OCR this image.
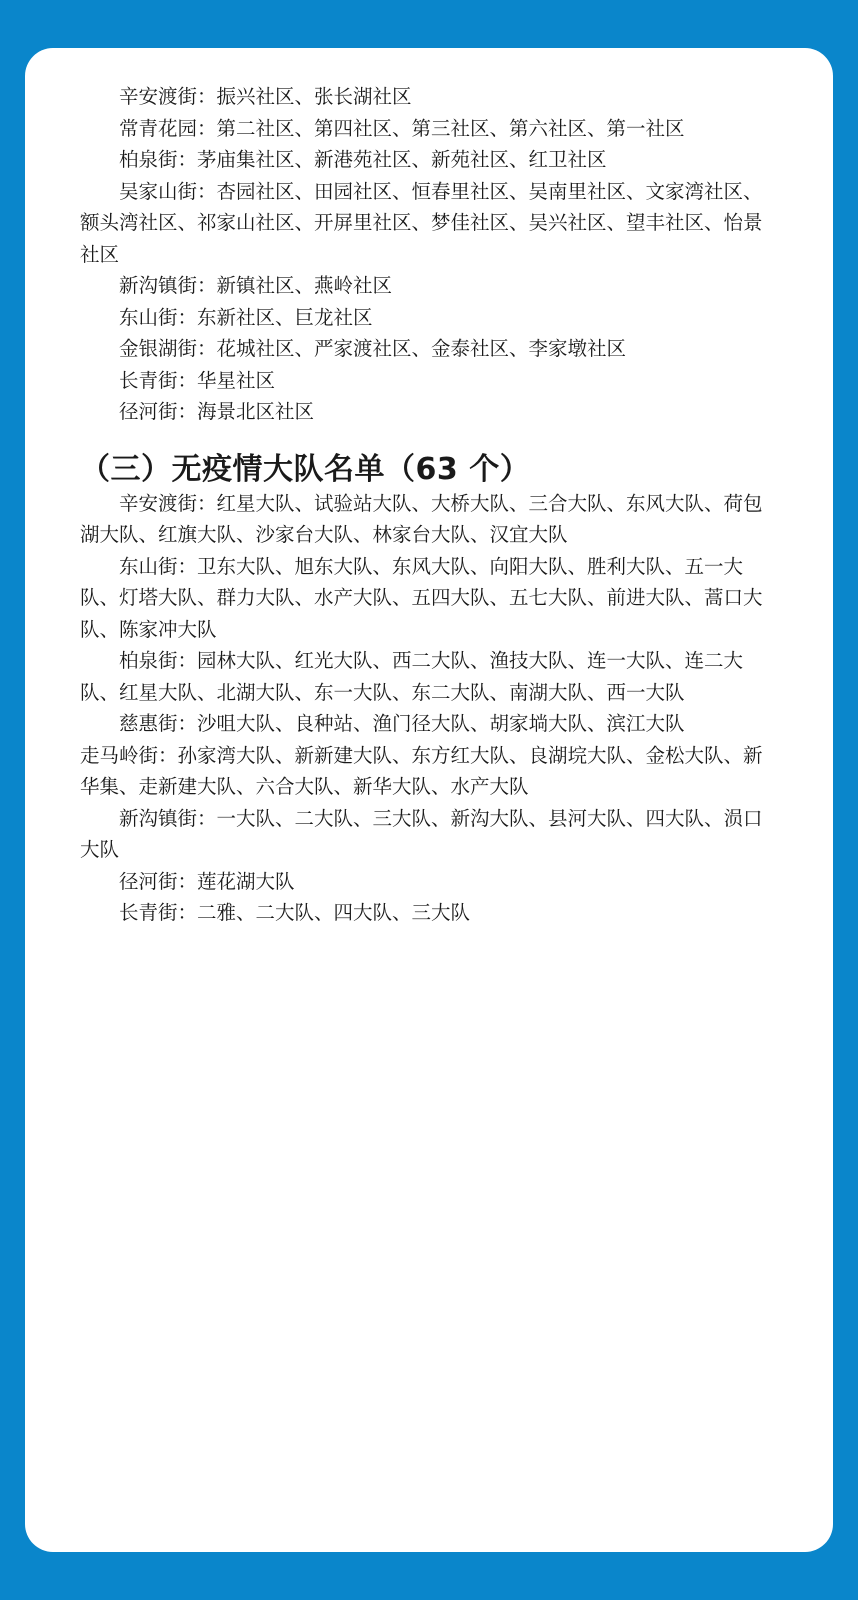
辛安渡街：振兴社区、张长湖社区

常青花园：第二社区、第四社区、第三社区、第六社区、第一社区

柏泉街：茅庙集社区、新港苑社区、新苑社区、红卫社区

吴家山街：杏园社区、田园社区、恒春里社区、吴南里社区、文家湾社区、额头湾社区、祁家山社区、开屏里社区、梦佳社区、吴兴社区、望丰社区、怡景社区

新沟镇街：新镇社区、燕岭社区

东山街：东新社区、巨龙社区

金银湖街：花城社区、严家渡社区、金泰社区、李家墩社区

长青街：华星社区

径河街：海景北区社区

（三）无疫情大队名单（63 个）

辛安渡街：红星大队、试验站大队、大桥大队、三合大队、东风大队、荷包湖大队、红旗大队、沙家台大队、林家台大队、汉宜大队

东山街：卫东大队、旭东大队、东风大队、向阳大队、胜利大队、五一大队、灯塔大队、群力大队、水产大队、五四大队、五七大队、前进大队、蒿口大队、陈家冲大队

柏泉街：园林大队、红光大队、西二大队、渔技大队、连一大队、连二大队、红星大队、北湖大队、东一大队、东二大队、南湖大队、西一大队

慈惠街：沙咀大队、良种站、渔门径大队、胡家埫大队、滨江大队

走马岭街：孙家湾大队、新新建大队、东方红大队、良湖垸大队、金松大队、新华集、走新建大队、六合大队、新华大队、水产大队

新沟镇街：一大队、二大队、三大队、新沟大队、县河大队、四大队、涢口大队

径河街：莲花湖大队

长青街：二雅、二大队、四大队、三大队
